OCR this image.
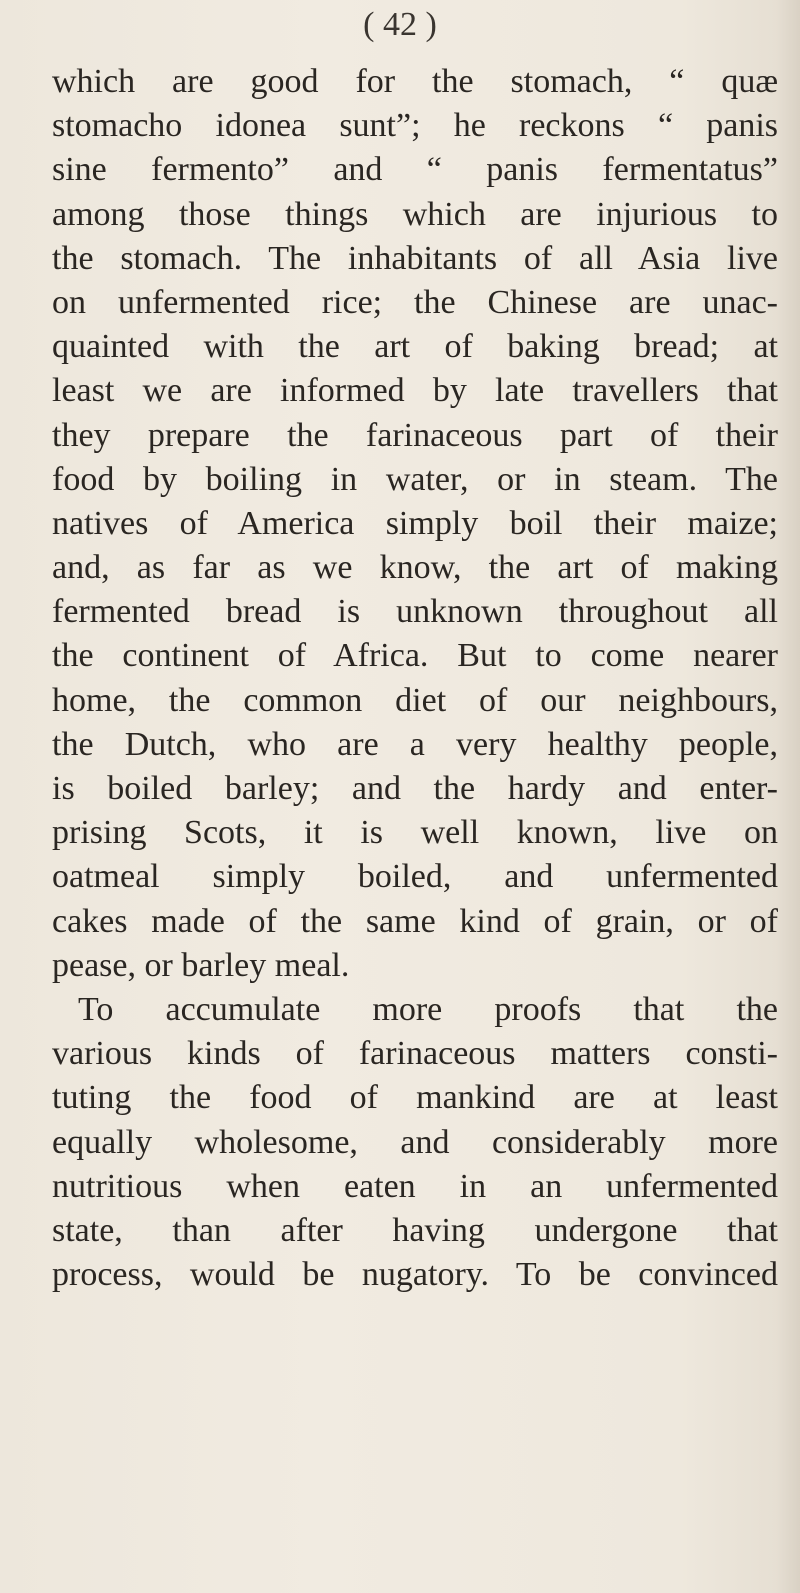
( 42 )
which are good for the stomach, “ quæ
stomacho idonea sunt”; he reckons “ panis
sine fermento” and “ panis fermentatus”
among those things which are injurious to
the stomach. The inhabitants of all Asia live
on unfermented rice; the Chinese are unac-
quainted with the art of baking bread; at
least we are informed by late travellers that
they prepare the farinaceous part of their
food by boiling in water, or in steam. The
natives of America simply boil their maize;
and, as far as we know, the art of making
fermented bread is unknown throughout all
the continent of Africa. But to come nearer
home, the common diet of our neighbours,
the Dutch, who are a very healthy people,
is boiled barley; and the hardy and enter-
prising Scots, it is well known, live on
oatmeal simply boiled, and unfermented
cakes made of the same kind of grain, or of
pease, or barley meal.
To accumulate more proofs that the
various kinds of farinaceous matters consti-
tuting the food of mankind are at least
equally wholesome, and considerably more
nutritious when eaten in an unfermented
state, than after having undergone that
process, would be nugatory. To be convinced
